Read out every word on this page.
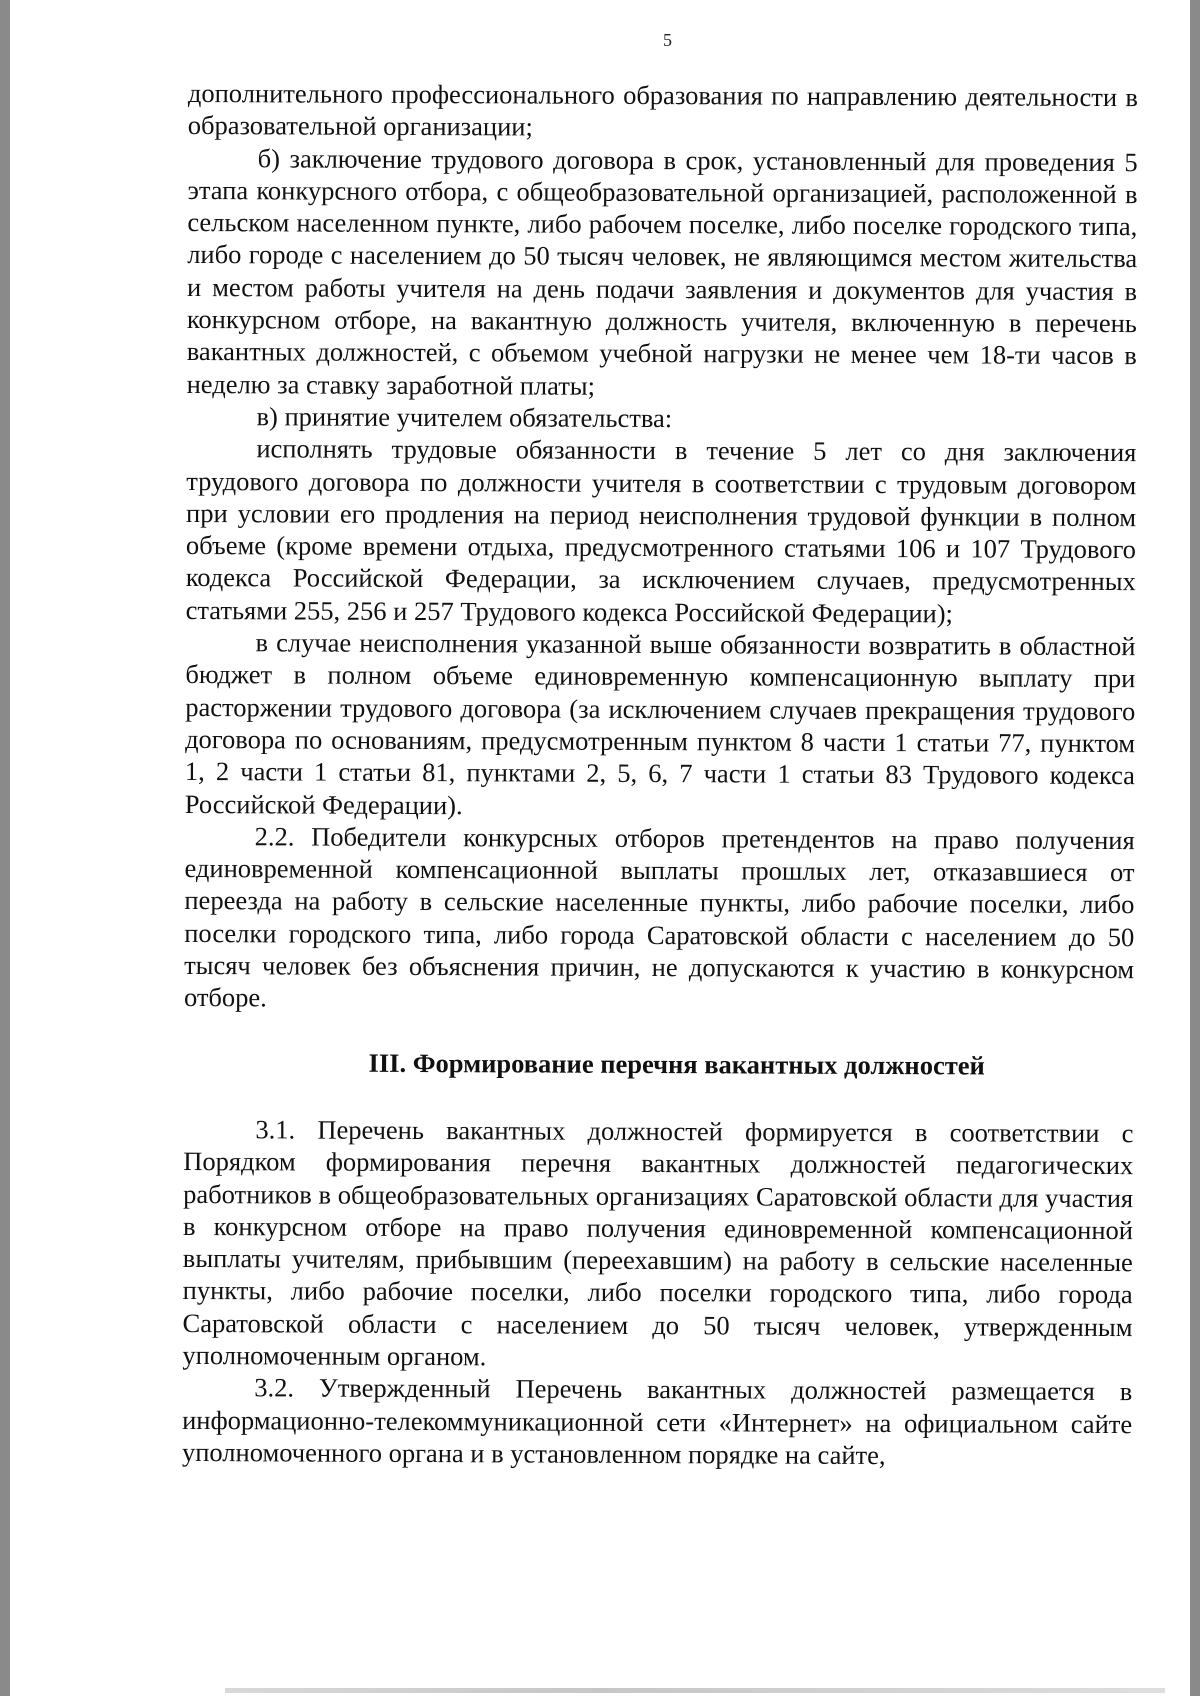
5

дополнительного профессионального образования по направлению деятельности в образовательной организации;

б) заключение трудового договора в срок, установленный для проведения 5 этапа конкурсного отбора, с общеобразовательной организацией, расположенной в сельском населенном пункте, либо рабочем поселке, либо поселке городского типа, либо городе с населением до 50 тысяч человек, не являющимся местом жительства и местом работы учителя на день подачи заявления и документов для участия в конкурсном отборе, на вакантную должность учителя, включенную в перечень вакантных должностей, с объемом учебной нагрузки не менее чем 18-ти часов в неделю за ставку заработной платы;

в) принятие учителем обязательства:

исполнять трудовые обязанности в течение 5 лет со дня заключения трудового договора по должности учителя в соответствии с трудовым договором при условии его продления на период неисполнения трудовой функции в полном объеме (кроме времени отдыха, предусмотренного статьями 106 и 107 Трудового кодекса Российской Федерации, за исключением случаев, предусмотренных статьями 255, 256 и 257 Трудового кодекса Российской Федерации);

в случае неисполнения указанной выше обязанности возвратить в областной бюджет в полном объеме единовременную компенсационную выплату при расторжении трудового договора (за исключением случаев прекращения трудового договора по основаниям, предусмотренным пунктом 8 части 1 статьи 77, пунктом 1, 2 части 1 статьи 81, пунктами 2, 5, 6, 7 части 1 статьи 83 Трудового кодекса Российской Федерации).

2.2. Победители конкурсных отборов претендентов на право получения единовременной компенсационной выплаты прошлых лет, отказавшиеся от переезда на работу в сельские населенные пункты, либо рабочие поселки, либо поселки городского типа, либо города Саратовской области с населением до 50 тысяч человек без объяснения причин, не допускаются к участию в конкурсном отборе.

III. Формирование перечня вакантных должностей

3.1. Перечень вакантных должностей формируется в соответствии с Порядком формирования перечня вакантных должностей педагогических работников в общеобразовательных организациях Саратовской области для участия в конкурсном отборе на право получения единовременной компенсационной выплаты учителям, прибывшим (переехавшим) на работу в сельские населенные пункты, либо рабочие поселки, либо поселки городского типа, либо города Саратовской области с населением до 50 тысяч человек, утвержденным уполномоченным органом.

3.2. Утвержденный Перечень вакантных должностей размещается в информационно-телекоммуникационной сети «Интернет» на официальном сайте уполномоченного органа и в установленном порядке на сайте,
